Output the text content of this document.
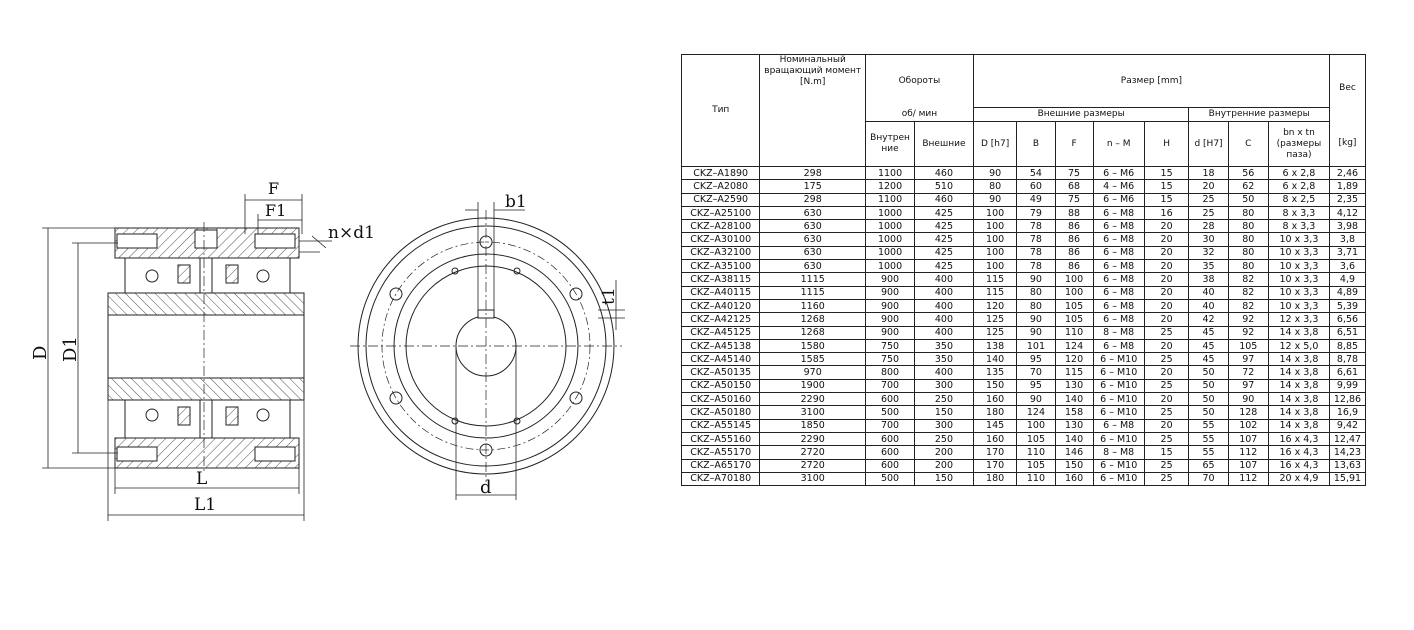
F
F1
n×d1
D D1
L
L1
b1
t1
d
Тип	Номинальный вращающий момент [N.m]	Обороты		Размер [mm]								Вес
		об/ мин		Внешние размеры					Внутренние размеры			
		Внутрен ние	Внешние	D [h7]	B	F	n – M	H	d [H7]	C	bn x tn (размеры паза)	[kg]
CKZ–A1890	298	1100	460	90	54	75	6 – M6	15	18	56	6 x 2,8	2,46
CKZ–A2080	175	1200	510	80	60	68	4 – M6	15	20	62	6 x 2,8	1,89
CKZ–A2590	298	1100	460	90	49	75	6 – M6	15	25	50	8 x 2,5	2,35
CKZ–A25100	630	1000	425	100	79	88	6 – M8	16	25	80	8 x 3,3	4,12
CKZ–A28100	630	1000	425	100	78	86	6 – M8	20	28	80	8 x 3,3	3,98
CKZ–A30100	630	1000	425	100	78	86	6 – M8	20	30	80	10 x 3,3	3,8
CKZ–A32100	630	1000	425	100	78	86	6 – M8	20	32	80	10 x 3,3	3,71
CKZ–A35100	630	1000	425	100	78	86	6 – M8	20	35	80	10 x 3,3	3,6
CKZ–A38115	1115	900	400	115	90	100	6 – M8	20	38	82	10 x 3,3	4,9
CKZ–A40115	1115	900	400	115	80	100	6 – M8	20	40	82	10 x 3,3	4,89
CKZ–A40120	1160	900	400	120	80	105	6 – M8	20	40	82	10 x 3,3	5,39
CKZ–A42125	1268	900	400	125	90	105	6 – M8	20	42	92	12 x 3,3	6,56
CKZ–A45125	1268	900	400	125	90	110	8 – M8	25	45	92	14 x 3,8	6,51
CKZ–A45138	1580	750	350	138	101	124	6 – M8	20	45	105	12 x 5,0	8,85
CKZ–A45140	1585	750	350	140	95	120	6 – M10	25	45	97	14 x 3,8	8,78
CKZ–A50135	970	800	400	135	70	115	6 – M10	20	50	72	14 x 3,8	6,61
CKZ–A50150	1900	700	300	150	95	130	6 – M10	25	50	97	14 x 3,8	9,99
CKZ–A50160	2290	600	250	160	90	140	6 – M10	20	50	90	14 x 3,8	12,86
CKZ–A50180	3100	500	150	180	124	158	6 – M10	25	50	128	14 x 3,8	16,9
CKZ–A55145	1850	700	300	145	100	130	6 – M8	20	55	102	14 x 3,8	9,42
CKZ–A55160	2290	600	250	160	105	140	6 – M10	25	55	107	16 x 4,3	12,47
CKZ–A55170	2720	600	200	170	110	146	8 – M8	15	55	112	16 x 4,3	14,23
CKZ–A65170	2720	600	200	170	105	150	6 – M10	25	65	107	16 x 4,3	13,63
CKZ–A70180	3100	500	150	180	110	160	6 – M10	25	70	112	20 x 4,9	15,91
